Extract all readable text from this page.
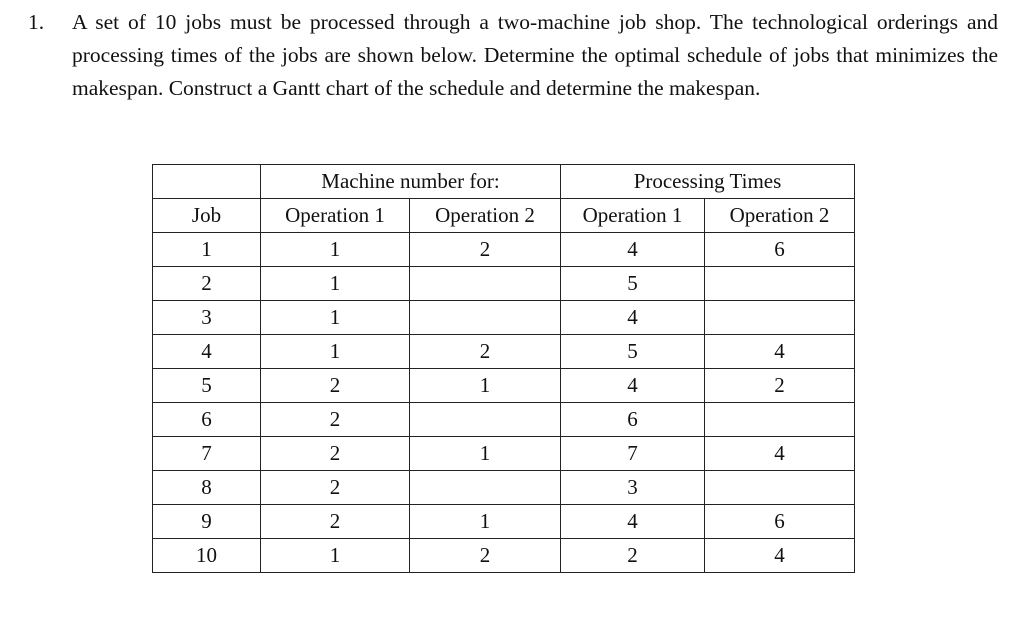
1.	A set of 10 jobs must be processed through a two-machine job shop. The technological orderings and processing times of the jobs are shown below. Determine the optimal schedule of jobs that minimizes the makespan. Construct a Gantt chart of the schedule and determine the makespan.
	Machine number for:		Processing Times	
Job	Operation 1	Operation 2	Operation 1	Operation 2
1	1	2	4	6
2	1		5	
3	1		4	
4	1	2	5	4
5	2	1	4	2
6	2		6	
7	2	1	7	4
8	2		3	
9	2	1	4	6
10	1	2	2	4
